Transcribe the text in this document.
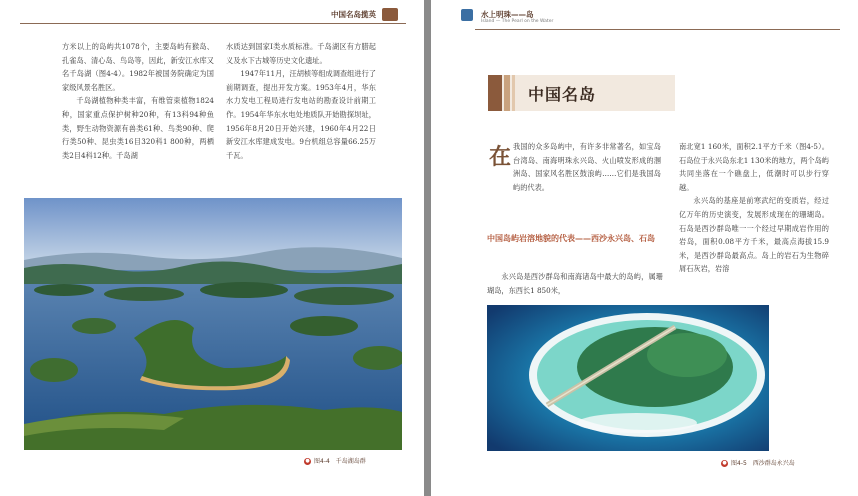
中国名岛揽英

方米以上的岛屿共1078个，主要岛屿有猴岛、孔雀岛、清心岛、鸟岛等，因此，新安江水库又名千岛湖（图4-4）。1982年被国务院确定为国家级风景名胜区。

千岛湖植物种类丰富，有维管束植物1824种，国家重点保护树种20种，有13科94种鱼类，野生动物资源有兽类61种、鸟类90种、爬行类50种、昆虫类16目320科1 800种，两栖类2目4科12种。千岛湖

水质达到国家Ⅰ类水质标准。千岛湖区有方腊起义及水下古城等历史文化遗址。

1947年11月，汪胡桢等组成调查组进行了前期调查，提出开发方案。1953年4月，华东水力发电工程局进行发电站的勘查设计前期工作。1954年华东水电处地质队开始勘探坝址，1956年8月20日开始兴建，1960年4月22日新安江水库建成发电。9台机组总容量66.25万千瓦。

● 图4-4　千岛湖岛群
水上明珠——岛
Island — The Pearl on the Water
中国名岛
在 我国的众多岛屿中，有许多非常著名，如宝岛台湾岛、南海明珠永兴岛、火山喷发形成的涠洲岛、国家风名胜区鼓浪屿……它们是我国岛屿的代表。

中国岛屿岩溶地貌的代表——西沙永兴岛、石岛

永兴岛是西沙群岛和南海诸岛中最大的岛屿，属珊瑚岛，东西长1 850米，

南北宽1 160米，面积2.1平方千米（图4-5）。石岛位于永兴岛东北1 130米的地方，两个岛屿共同坐落在一个礁盘上，低潮时可以步行穿越。

永兴岛的基座是前寒武纪的变质岩，经过亿万年的历史演变，发展形成现在的珊瑚岛。石岛是西沙群岛唯一一个经过早期成岩作用的岩岛，面积0.08平方千米，最高点海拔15.9米，是西沙群岛最高点。岛上的岩石为生物碎屑石灰岩，岩溶

● 图4-5　西沙群岛永兴岛
